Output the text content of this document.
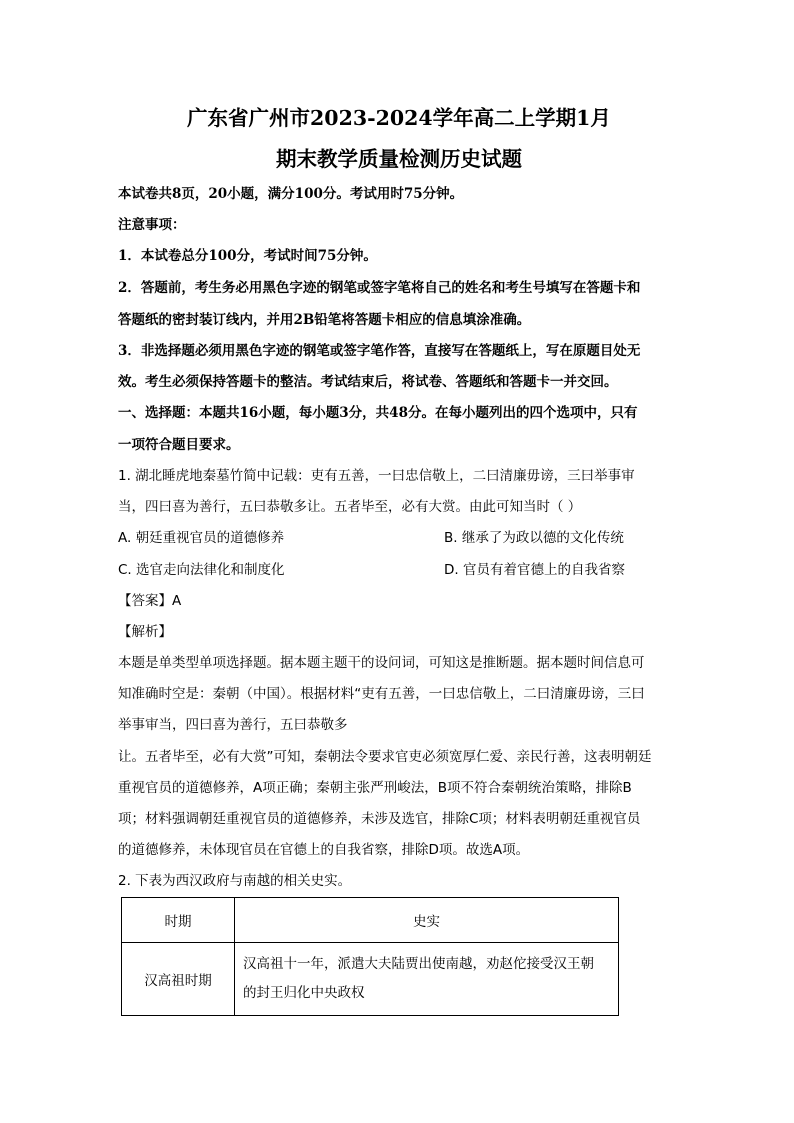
广东省广州市2023-2024学年高二上学期1月
期末教学质量检测历史试题
本试卷共8页，20小题，满分100分。考试用时75分钟。
注意事项：
1．本试卷总分100分，考试时间75分钟。
2．答题前，考生务必用黑色字迹的钢笔或签字笔将自己的姓名和考生号填写在答题卡和
答题纸的密封装订线内，并用2B铅笔将答题卡相应的信息填涂准确。
3．非选择题必须用黑色字迹的钢笔或签字笔作答，直接写在答题纸上，写在原题目处无
效。考生必须保持答题卡的整洁。考试结束后，将试卷、答题纸和答题卡一并交回。
一、选择题：本题共16小题，每小题3分，共48分。在每小题列出的四个选项中，只有
一项符合题目要求。
1. 湖北睡虎地秦墓竹简中记载：吏有五善，一曰忠信敬上，二曰清廉毋谤，三曰举事审
当，四曰喜为善行，五曰恭敬多让。五者毕至，必有大赏。由此可知当时（ ）
A. 朝廷重视官员的道德修养	B. 继承了为政以德的文化传统
C. 选官走向法律化和制度化	D. 官员有着官德上的自我省察
【答案】A
【解析】
本题是单类型单项选择题。据本题主题干的设问词，可知这是推断题。据本题时间信息可
知准确时空是：秦朝（中国）。根据材料“吏有五善，一曰忠信敬上，二曰清廉毋谤，三曰
举事审当，四曰喜为善行，五曰恭敬多
让。五者毕至，必有大赏”可知，秦朝法令要求官吏必须宽厚仁爱、亲民行善，这表明朝廷
重视官员的道德修养，A项正确；秦朝主张严刑峻法，B项不符合秦朝统治策略，排除B
项；材料强调朝廷重视官员的道德修养，未涉及选官，排除C项；材料表明朝廷重视官员
的道德修养，未体现官员在官德上的自我省察，排除D项。故选A项。
2. 下表为西汉政府与南越的相关史实。
时期	史实
汉高祖时期	汉高祖十一年，派遣大夫陆贾出使南越，劝赵佗接受汉王朝
的封王归化中央政权
